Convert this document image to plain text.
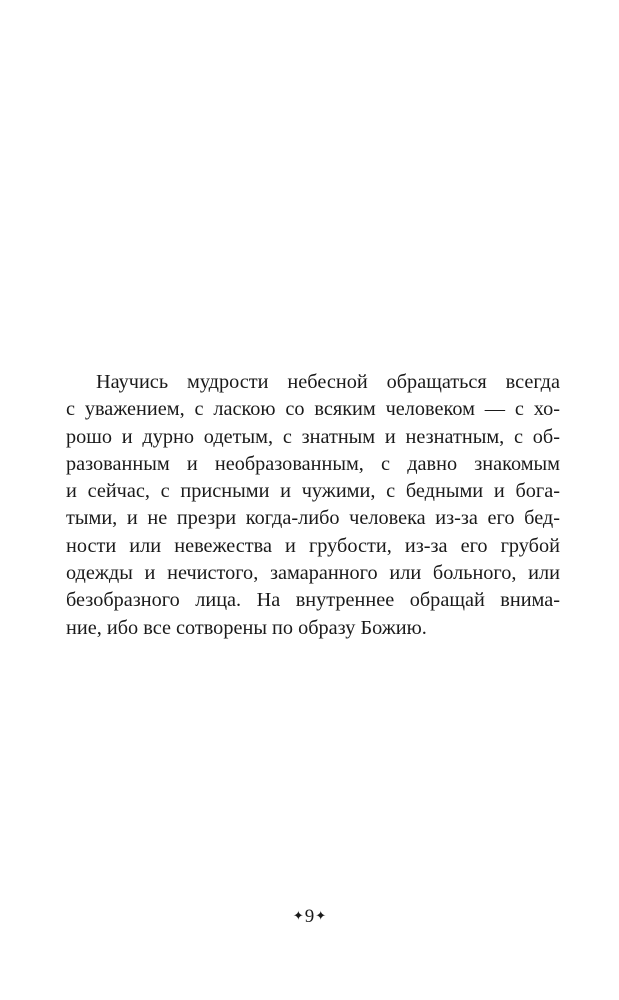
Научись мудрости небесной обращаться всегда
с уважением, с ласкою со всяким человеком — с хо-
рошо и дурно одетым, с знатным и незнатным, с об-
разованным и необразованным, с давно знакомым
и сейчас, с присными и чужими, с бедными и бога-
тыми, и не презри когда-либо человека из-за его бед-
ности или невежества и грубости, из-за его грубой
одежды и нечистого, замаранного или больного, или
безобразного лица. На внутреннее обращай внима-
ние, ибо все сотворены по образу Божию.
✦9✦
